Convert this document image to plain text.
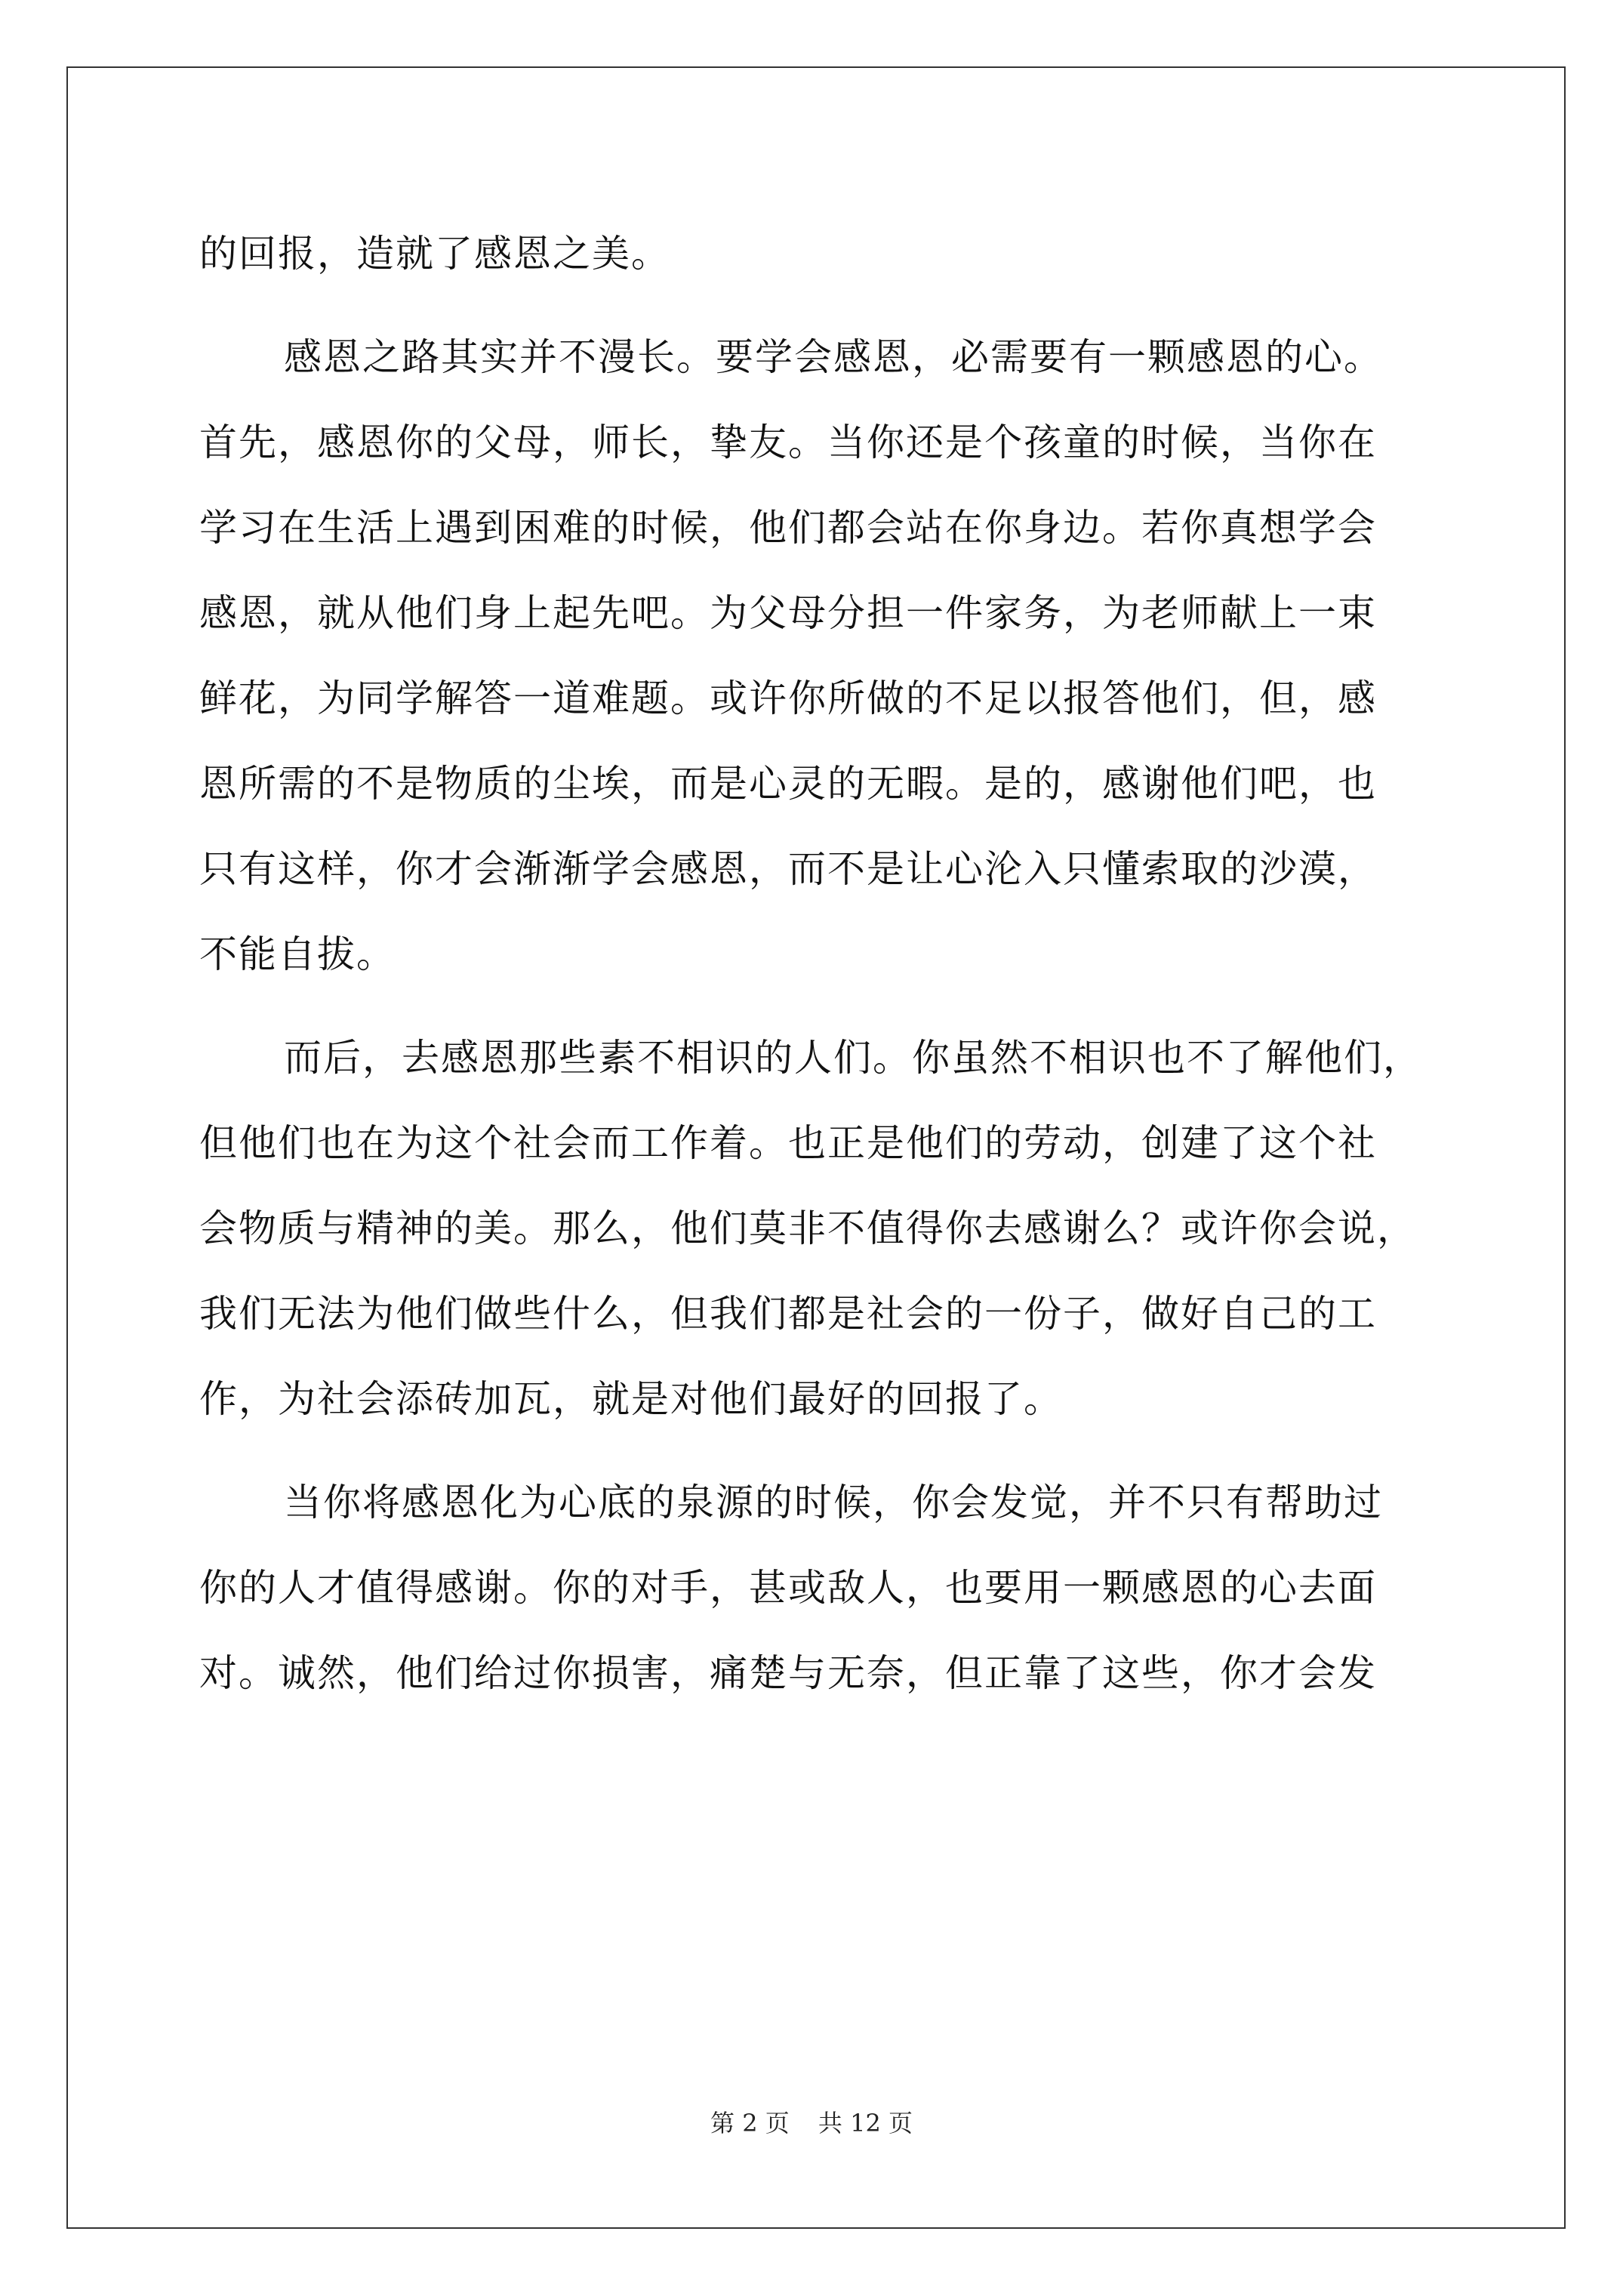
的回报，造就了感恩之美。
感恩之路其实并不漫长。要学会感恩，必需要有一颗感恩的心。
首先，感恩你的父母，师长，挚友。当你还是个孩童的时候，当你在
学习在生活上遇到困难的时候，他们都会站在你身边。若你真想学会
感恩，就从他们身上起先吧。为父母分担一件家务，为老师献上一束
鲜花，为同学解答一道难题。或许你所做的不足以报答他们，但，感
恩所需的不是物质的尘埃，而是心灵的无暇。是的，感谢他们吧，也
只有这样，你才会渐渐学会感恩，而不是让心沦入只懂索取的沙漠，
不能自拔。
而后，去感恩那些素不相识的人们。你虽然不相识也不了解他们，
但他们也在为这个社会而工作着。也正是他们的劳动，创建了这个社
会物质与精神的美。那么，他们莫非不值得你去感谢么？或许你会说，
我们无法为他们做些什么，但我们都是社会的一份子，做好自己的工
作，为社会添砖加瓦，就是对他们最好的回报了。
当你将感恩化为心底的泉源的时候，你会发觉，并不只有帮助过
你的人才值得感谢。你的对手，甚或敌人，也要用一颗感恩的心去面
对。诚然，他们给过你损害，痛楚与无奈，但正靠了这些，你才会发
第 2 页 共 12 页
